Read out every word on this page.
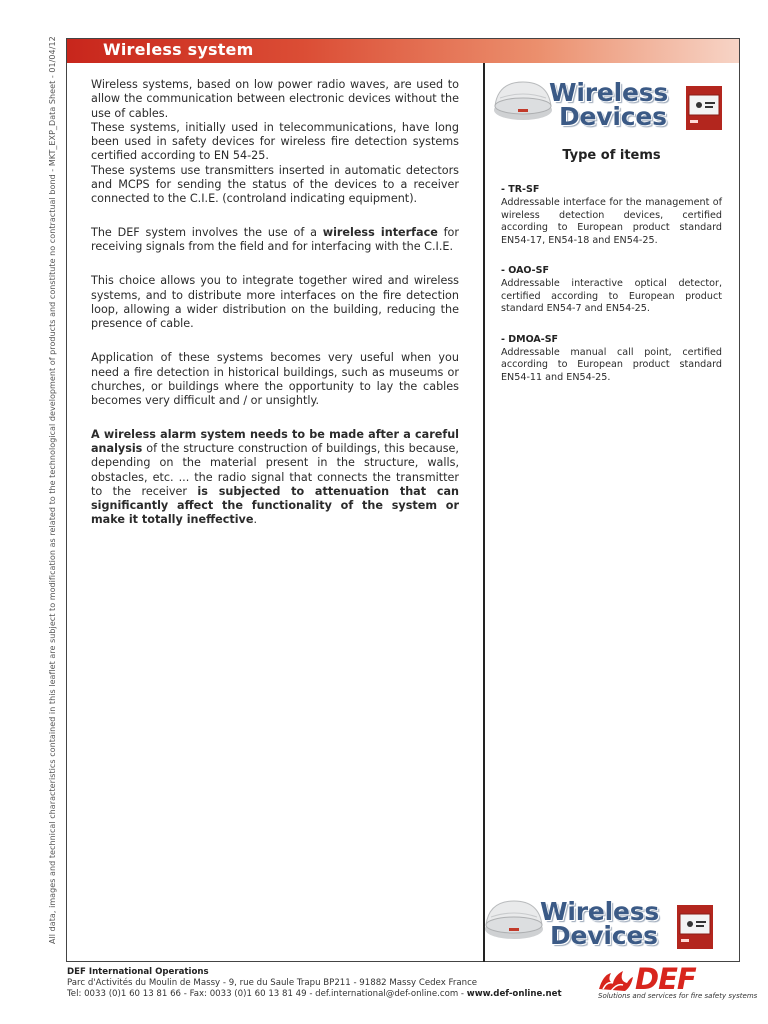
All data, images and technical characteristics contained in this leaflet are subject to modification as related to the technological development of products and constitute no contractual bond - MKT_EXP_Data Sheet - 01/04/12	Wireless system

Wireless systems, based on low power radio waves, are used to allow the communication between electronic devices without the use of cables.

These systems, initially used in telecommunications, have long been used in safety devices for wireless fire detection systems certified according to EN 54-25.

These systems use transmitters inserted in automatic detectors and MCPS for sending the status of the devices to a receiver connected to the C.I.E. (controland indicating equipment).

The DEF system involves the use of a wireless interface for receiving signals from the field and for interfacing with the C.I.E.

This choice allows you to integrate together wired and wireless systems, and to distribute more interfaces on the fire detection loop, allowing a wider distribution on the building, reducing the presence of cable.

Application of these systems becomes very useful when you need a fire detection in historical buildings, such as museums or churches, or buildings where the opportunity to lay the cables becomes very difficult and / or unsightly.

A wireless alarm system needs to be made after a careful analysis of the structure construction of buildings, this because, depending on the material present in the structure, walls, obstacles, etc. ... the radio signal that connects the transmitter to the receiver is subjected to attenuation that can significantly affect the functionality of the system or make it totally ineffective.

Wireless
Devices
Type of items
- TR-SF
Addressable interface for the management of wireless detection devices, certified according to European product standard EN54-17, EN54-18 and EN54-25.
- OAO-SF
Addressable interactive optical detector, certified according to European product standard EN54-7 and EN54-25.
- DMOA-SF
Addressable manual call point, certified according to European product standard EN54-11 and EN54-25.
Wireless
Devices
DEF International Operations
Parc d'Activités du Moulin de Massy - 9, rue du Saule Trapu BP211 - 91882 Massy Cedex France
Tel: 0033 (0)1 60 13 81 66 - Fax: 0033 (0)1 60 13 81 49 - def.international@def-online.com - www.def-online.net	DEF
Solutions and services for fire safety systems
